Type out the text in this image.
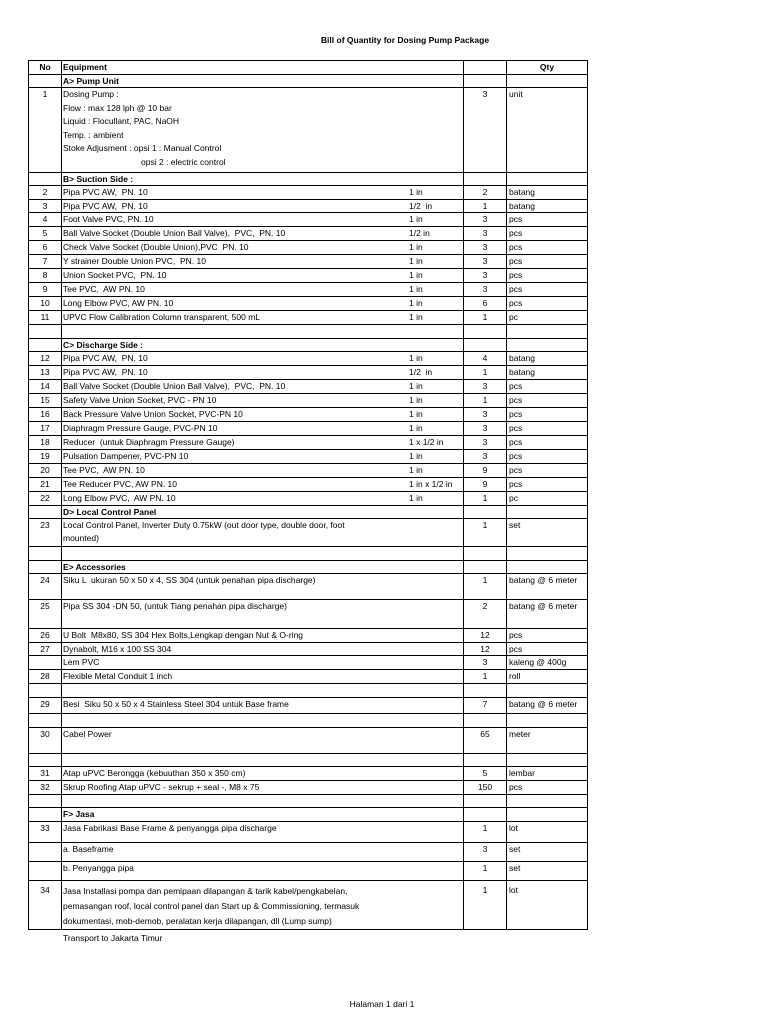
Bill of Quantity for Dosing Pump Package
No	Equipment	Qty
A> Pump Unit
1	Dosing Pump :
Flow : max 128 lph @ 10 bar
Liquid : Flocullant, PAC, NaOH
Temp. : ambient
Stoke Adjusment : opsi 1 : Manual Control
opsi 2 : electric control
3	unit
B> Suction Side :
2	Pipa PVC AW,  PN. 10	1 in	2	batang
3	Pipa PVC AW,  PN. 10	1/2  in	1	batang
4	Foot Valve PVC, PN. 10	1 in	3	pcs
5	Ball Valve Socket (Double Union Ball Valve),  PVC,  PN. 10	1/2 in	3	pcs
6	Check Valve Socket (Double Union),PVC  PN. 10	1 in	3	pcs
7	Y strainer Double Union PVC,  PN. 10	1 in	3	pcs
8	Union Socket PVC,  PN. 10	1 in	3	pcs
9	Tee PVC,  AW PN. 10	1 in	3	pcs
10	Long Elbow PVC, AW PN. 10	1 in	6	pcs
11	UPVC Flow Calibration Column transparent, 500 mL	1 in	1	pc
C> Discharge Side :
12	Pipa PVC AW,  PN. 10	1 in	4	batang
13	Pipa PVC AW,  PN. 10	1/2  in	1	batang
14	Ball Valve Socket (Double Union Ball Valve),  PVC,  PN. 10	1 in	3	pcs
15	Safety Valve Union Socket, PVC - PN 10	1 in	1	pcs
16	Back Pressure Valve Union Socket, PVC-PN 10	1 in	3	pcs
17	Diaphragm Pressure Gauge, PVC-PN 10	1 in	3	pcs
18	Reducer  (untuk Diaphragm Pressure Gauge)	1 x 1/2 in	3	pcs
19	Pulsation Dampener, PVC-PN 10	1 in	3	pcs
20	Tee PVC,  AW PN. 10	1 in	9	pcs
21	Tee Reducer PVC, AW PN. 10	1 in x 1/2 in	9	pcs
22	Long Elbow PVC,  AW PN. 10	1 in	1	pc
D> Local Control Panel
23	Local Control Panel, Inverter Duty 0.75kW (out door type, double door, foot
mounted)
1	set
E> Accessories
24	Siku L  ukuran 50 x 50 x 4, SS 304 (untuk penahan pipa discharge)	1	batang @ 6 meter
25	Pipa SS 304 -DN 50, (untuk Tiang penahan pipa discharge)	2	batang @ 6 meter
26	U Bolt  M8x80, SS 304 Hex Bolts,Lengkap dengan Nut & O-ring	12	pcs
27	Dynabolt, M16 x 100 SS 304	12	pcs
Lem PVC	3	kaleng @ 400g
28	Flexible Metal Conduit 1 inch	1	roll
29	Besi  Siku 50 x 50 x 4 Stainless Steel 304 untuk Base frame	7	batang @ 6 meter
30	Cabel Power	65	meter
31	Atap uPVC Berongga (kebuuthan 350 x 350 cm)	5	lembar
32	Skrup Roofing Atap uPVC - sekrup + seal -, M8 x 75	150	pcs
F> Jasa
33	Jasa Fabrikasi Base Frame & penyangga pipa discharge	1	lot
a. Baseframe	3	set
b. Penyangga pipa	1	set
34	Jasa Installasi pompa dan pemipaan dilapangan & tarik kabel/pengkabelan,
pemasangan roof, local control panel dan Start up & Commissioning, termasuk
dokumentasi, mob-demob, peralatan kerja dilapangan, dll (Lump sump)
1	lot
Transport to Jakarta Timur
Halaman 1 dari 1
